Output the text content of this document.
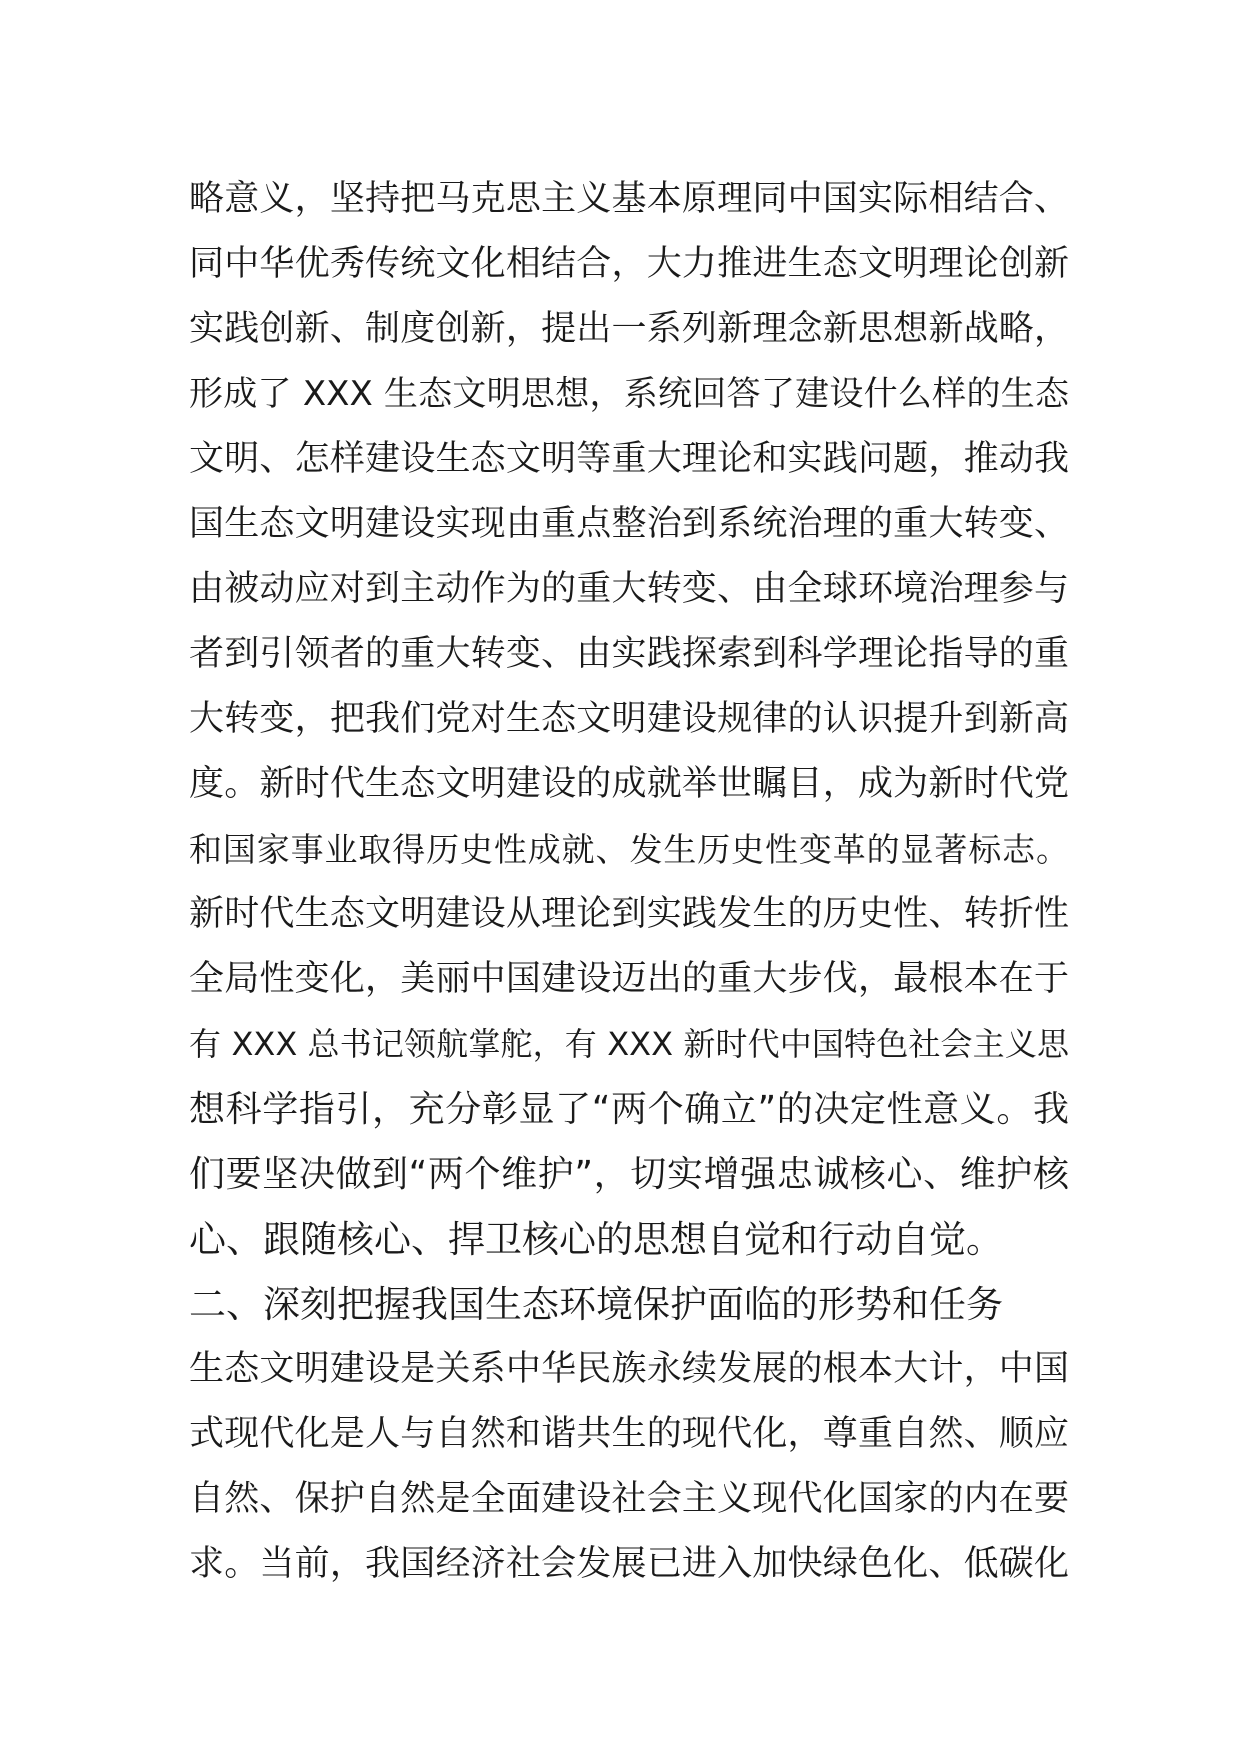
略意义，坚持把马克思主义基本原理同中国实际相结合、
同中华优秀传统文化相结合，大力推进生态文明理论创新
实践创新、制度创新，提出一系列新理念新思想新战略，
形成了 XXX 生态文明思想，系统回答了建设什么样的生态
文明、怎样建设生态文明等重大理论和实践问题，推动我
国生态文明建设实现由重点整治到系统治理的重大转变、
由被动应对到主动作为的重大转变、由全球环境治理参与
者到引领者的重大转变、由实践探索到科学理论指导的重
大转变，把我们党对生态文明建设规律的认识提升到新高
度。新时代生态文明建设的成就举世瞩目，成为新时代党
和国家事业取得历史性成就、发生历史性变革的显著标志。
新时代生态文明建设从理论到实践发生的历史性、转折性
全局性变化，美丽中国建设迈出的重大步伐，最根本在于
有 XXX 总书记领航掌舵，有 XXX 新时代中国特色社会主义思
想科学指引，充分彰显了“两个确立”的决定性意义。我
们要坚决做到“两个维护”，切实增强忠诚核心、维护核
心、跟随核心、捍卫核心的思想自觉和行动自觉。
二、深刻把握我国生态环境保护面临的形势和任务
生态文明建设是关系中华民族永续发展的根本大计，中国
式现代化是人与自然和谐共生的现代化，尊重自然、顺应
自然、保护自然是全面建设社会主义现代化国家的内在要
求。当前，我国经济社会发展已进入加快绿色化、低碳化
